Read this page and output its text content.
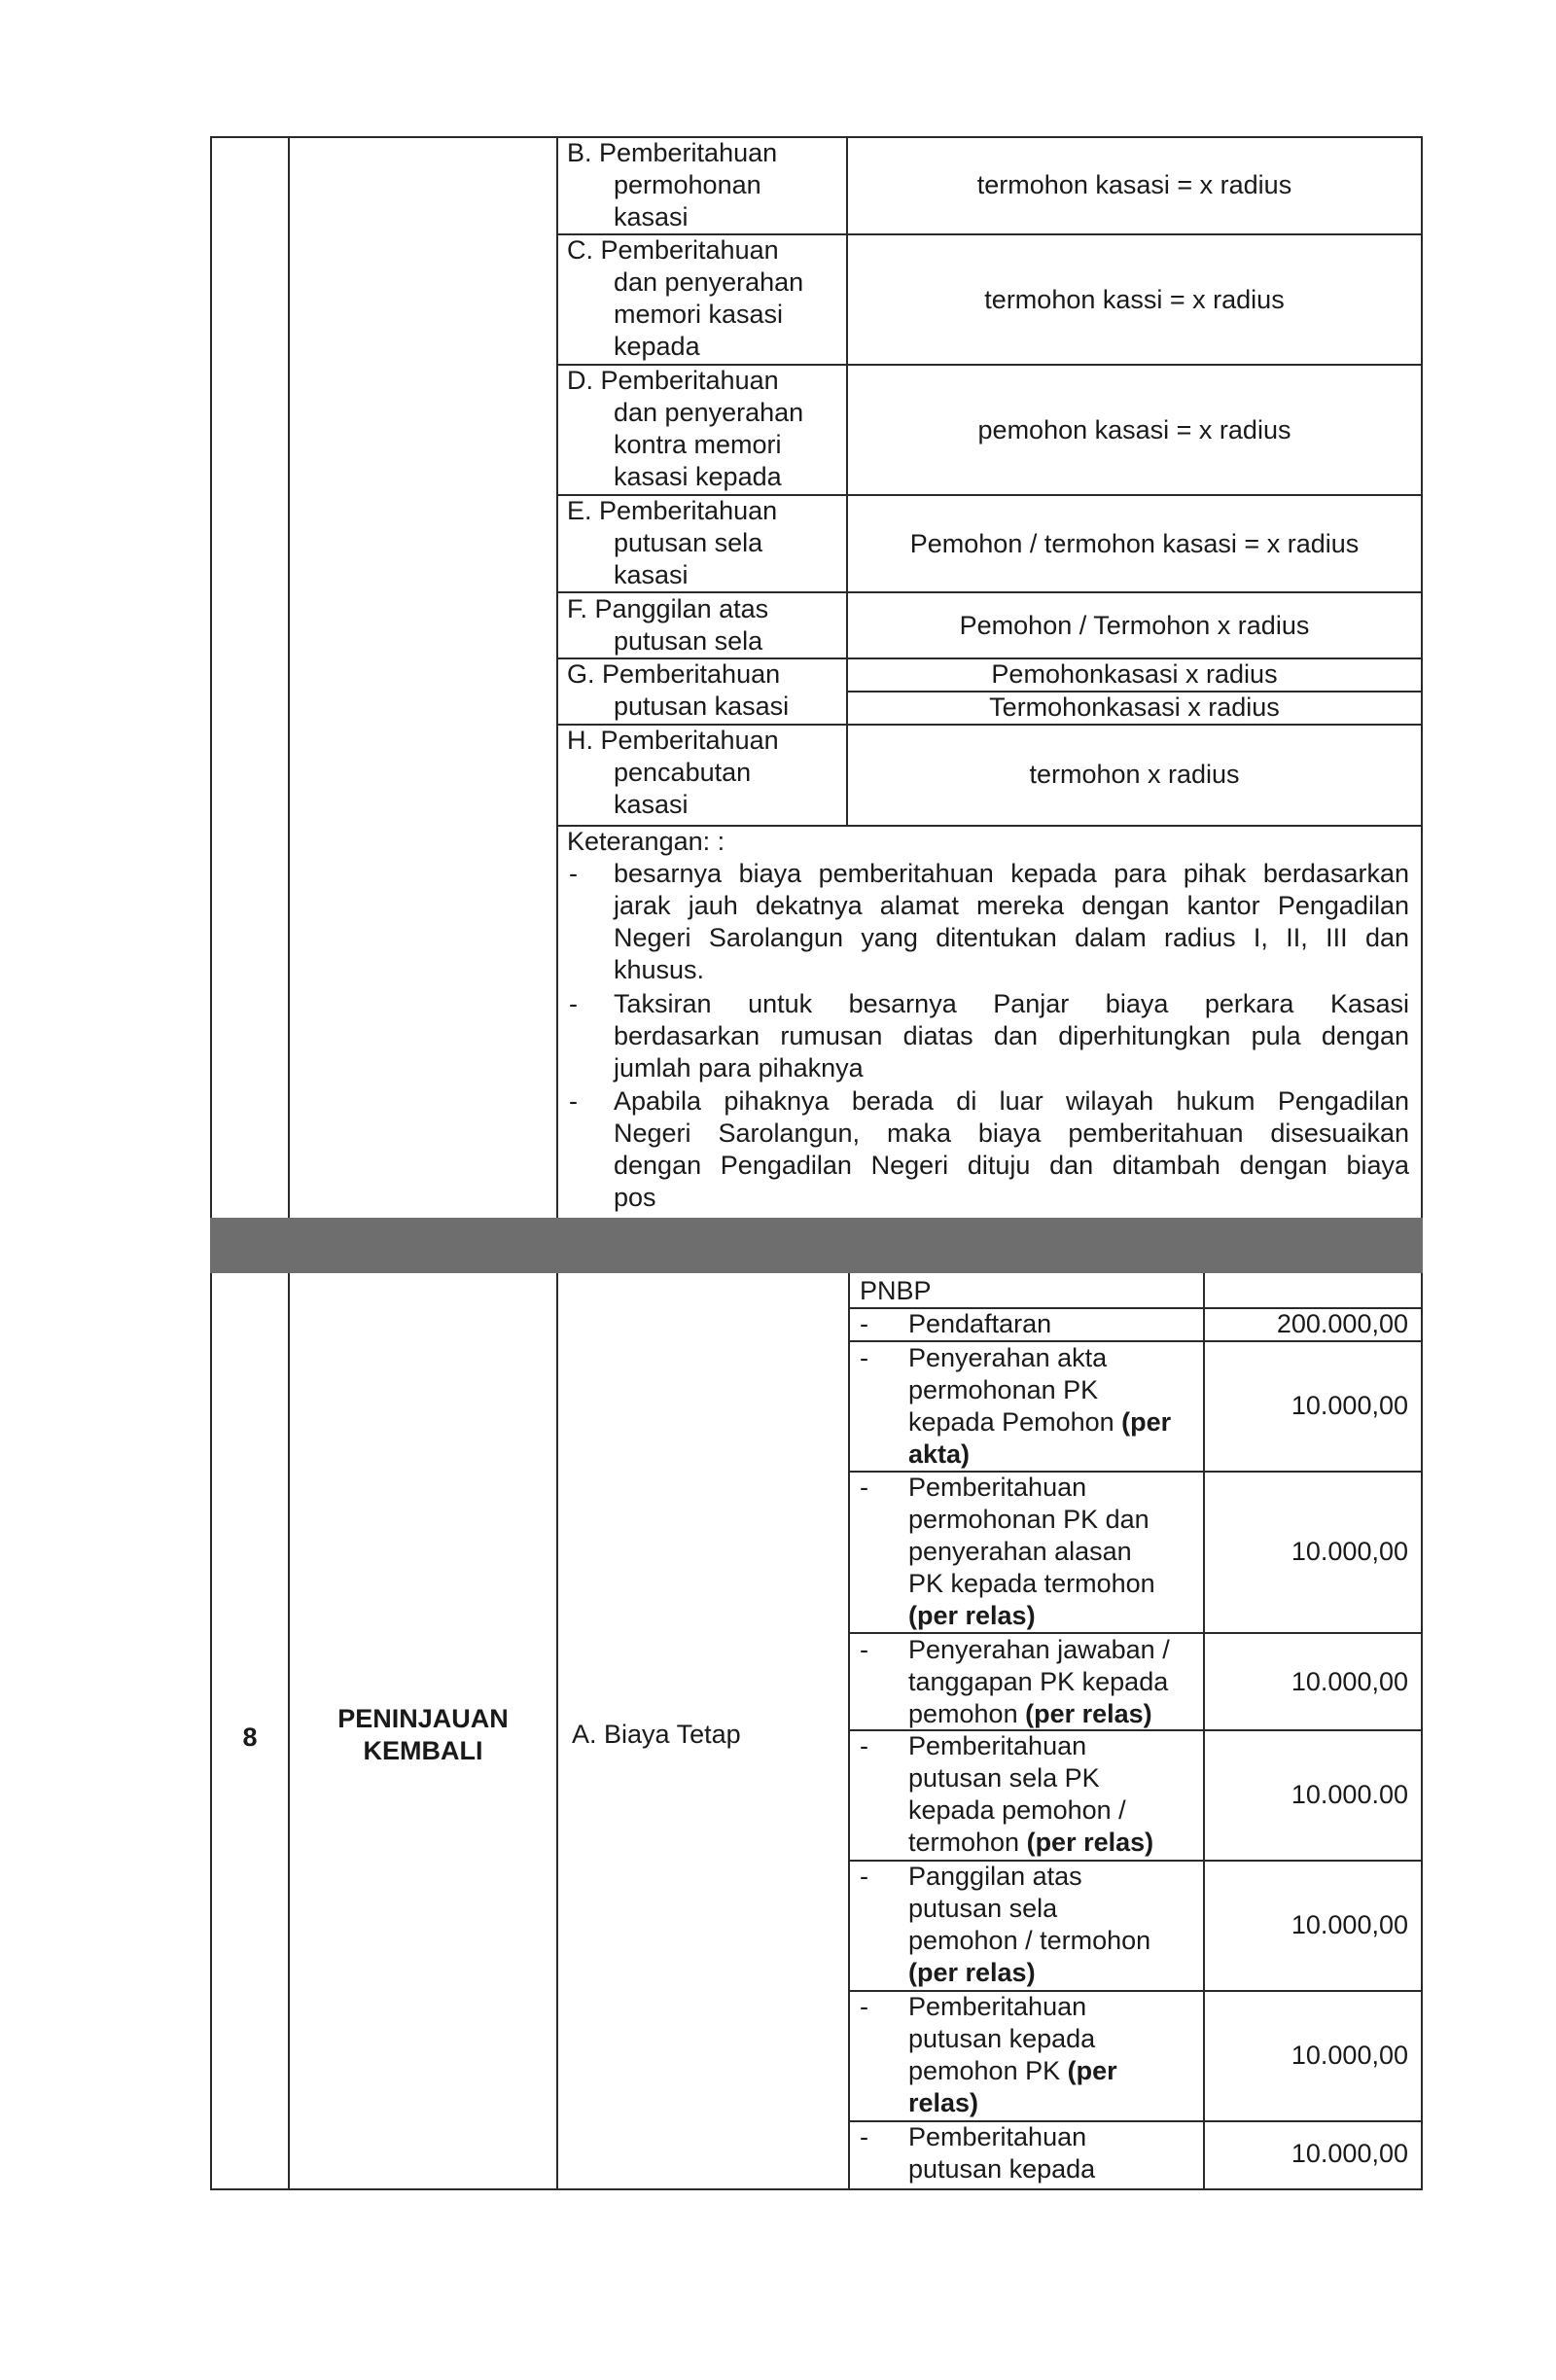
B. Pemberitahuan
permohonan
kasasi
C. Pemberitahuan
dan penyerahan
memori kasasi
kepada
D. Pemberitahuan
dan penyerahan
kontra memori
kasasi kepada
E. Pemberitahuan
putusan sela
kasasi
F. Panggilan atas
putusan sela
G. Pemberitahuan
putusan kasasi
H. Pemberitahuan
pencabutan
kasasi
termohon kasasi = x radius
termohon kassi = x radius
pemohon kasasi = x radius
Pemohon / termohon kasasi = x radius
Pemohon / Termohon x radius
Pemohonkasasi x radius
Termohonkasasi x radius
termohon x radius
Keterangan: :
- besarnya biaya pemberitahuan kepada para pihak berdasarkan
jarak jauh dekatnya alamat mereka dengan kantor Pengadilan
Negeri Sarolangun yang ditentukan dalam radius I, II, III dan
khusus.
- Taksiran untuk besarnya Panjar biaya perkara Kasasi
berdasarkan rumusan diatas dan diperhitungkan pula dengan
jumlah para pihaknya
- Apabila pihaknya berada di luar wilayah hukum Pengadilan
Negeri Sarolangun, maka biaya pemberitahuan disesuaikan
dengan Pengadilan Negeri dituju dan ditambah dengan biaya
pos
8
PENINJAUAN
KEMBALI
A. Biaya Tetap
PNBP
- Pendaftaran
- Penyerahan akta
permohonan PK
kepada Pemohon (per
akta)
- Pemberitahuan
permohonan PK dan
penyerahan alasan
PK kepada termohon
(per relas)
- Penyerahan jawaban /
tanggapan PK kepada
pemohon (per relas)
- Pemberitahuan
putusan sela PK
kepada pemohon /
termohon (per relas)
- Panggilan atas
putusan sela
pemohon / termohon
(per relas)
- Pemberitahuan
putusan kepada
pemohon PK (per
relas)
- Pemberitahuan
putusan kepada
200.000,00
10.000,00
10.000,00
10.000,00
10.000.00
10.000,00
10.000,00
10.000,00
